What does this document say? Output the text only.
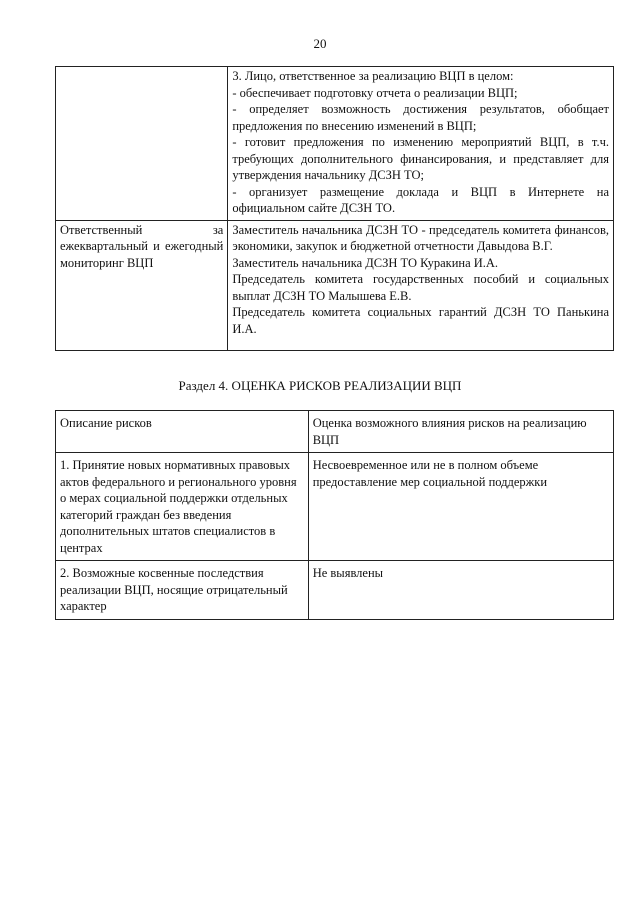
20

	3. Лицо, ответственное за реализацию ВЦП в целом:
- обеспечивает подготовку отчета о реализации ВЦП;
- определяет возможность достижения результатов, обобщает предложения по внесению изменений в ВЦП;
- готовит предложения по изменению мероприятий ВЦП, в т.ч. требующих дополнительного финансирования, и представляет для утверждения начальнику ДСЗН ТО;
- организует размещение доклада и ВЦП в Интернете на официальном сайте ДСЗН ТО.

Ответственный за ежеквартальный и ежегодный мониторинг ВЦП	Заместитель начальника ДСЗН ТО - председатель комитета финансов, экономики, закупок и бюджетной отчетности Давыдова В.Г.
Заместитель начальника ДСЗН ТО Куракина И.А.
Председатель комитета государственных пособий и социальных выплат ДСЗН ТО Малышева Е.В.
Председатель комитета социальных гарантий ДСЗН ТО Панькина И.А.
Раздел 4. ОЦЕНКА РИСКОВ РЕАЛИЗАЦИИ ВЦП
Описание рисков	Оценка возможного влияния рисков на реализацию ВЦП
1. Принятие новых нормативных правовых актов федерального и регионального уровня о мерах социальной поддержки отдельных категорий граждан без введения дополнительных штатов специалистов в центрах	Несвоевременное или не в полном объеме предоставление мер социальной поддержки
2. Возможные косвенные последствия реализации ВЦП, носящие отрицательный характер	Не выявлены
